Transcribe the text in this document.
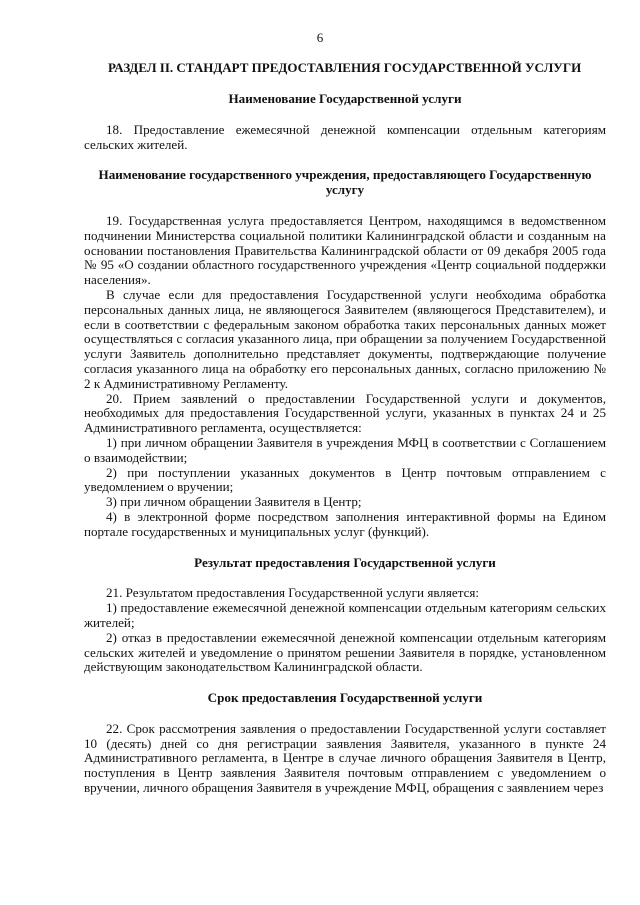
6
РАЗДЕЛ II. СТАНДАРТ ПРЕДОСТАВЛЕНИЯ ГОСУДАРСТВЕННОЙ УСЛУГИ

Наименование Государственной услуги

18. Предоставление ежемесячной денежной компенсации отдельным категориям сельских жителей.

Наименование государственного учреждения, предоставляющего Государственную услугу

19. Государственная услуга предоставляется Центром, находящимся в ведомственном подчинении Министерства социальной политики Калининградской области и созданным на основании постановления Правительства Калининградской области от 09 декабря 2005 года № 95 «О создании областного государственного учреждения «Центр социальной поддержки населения».

В случае если для предоставления Государственной услуги необходима обработка персональных данных лица, не являющегося Заявителем (являющегося Представителем), и если в соответствии с федеральным законом обработка таких персональных данных может осуществляться с согласия указанного лица, при обращении за получением Государственной услуги Заявитель дополнительно представляет документы, подтверждающие получение согласия указанного лица на обработку его персональных данных, согласно приложению № 2 к Административному Регламенту.

20. Прием заявлений о предоставлении Государственной услуги и документов, необходимых для предоставления Государственной услуги, указанных в пунктах 24 и 25 Административного регламента, осуществляется:

1) при личном обращении Заявителя в учреждения МФЦ в соответствии с Соглашением о взаимодействии;

2) при поступлении указанных документов в Центр почтовым отправлением с уведомлением о вручении;

3) при личном обращении Заявителя в Центр;

4) в электронной форме посредством заполнения интерактивной формы на Едином портале государственных и муниципальных услуг (функций).

Результат предоставления Государственной услуги

21. Результатом предоставления Государственной услуги является:

1) предоставление ежемесячной денежной компенсации отдельным категориям сельских жителей;

2) отказ в предоставлении ежемесячной денежной компенсации отдельным категориям сельских жителей и уведомление о принятом решении Заявителя в порядке, установленном действующим законодательством Калининградской области.

Срок предоставления Государственной услуги

22. Срок рассмотрения заявления о предоставлении Государственной услуги составляет 10 (десять) дней со дня регистрации заявления Заявителя, указанного в пункте 24 Административного регламента, в Центре в случае личного обращения Заявителя в Центр, поступления в Центр заявления Заявителя почтовым отправлением с уведомлением о вручении, личного обращения Заявителя в учреждение МФЦ, обращения с заявлением через
